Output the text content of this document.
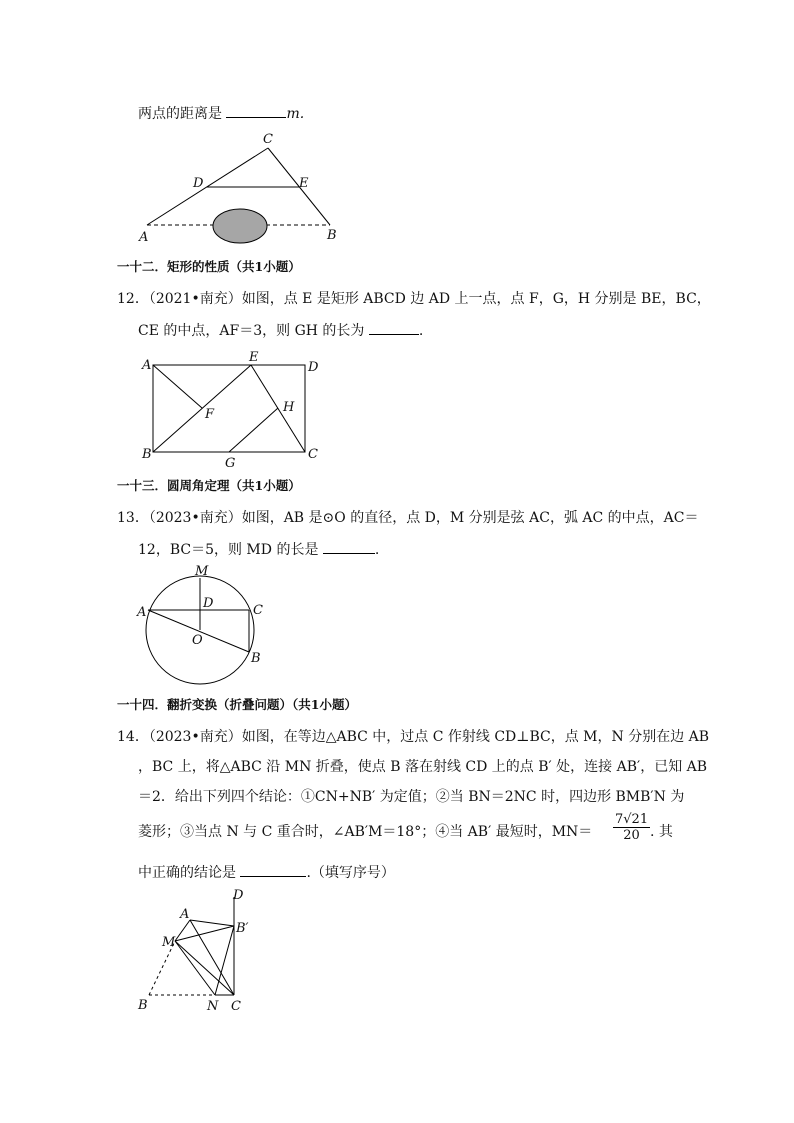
两点的距离是	m.
A	B
C
D	E
一十二．矩形的性质（共1小题）
12．（2021•南充）如图，点 E 是矩形 ABCD 边 AD 上一点，点 F，G，H 分别是 BE，BC，
CE 的中点，AF＝3，则 GH 的长为	.
A
B	C
D
E
F
G
H
一十三．圆周角定理（共1小题）
13．（2023•南充）如图，AB 是⊙O 的直径，点 D，M 分别是弦 AC，弧 AC 的中点，AC＝
12，BC＝5，则 MD 的长是	.
A
B
C
D
M
O
一十四．翻折变换（折叠问题）（共1小题）
14．（2023•南充）如图，在等边△ABC 中，过点 C 作射线 CD⊥BC，点 M，N 分别在边 AB
，BC 上，将△ABC 沿 MN 折叠，使点 B 落在射线 CD 上的点 B′ 处，连接 AB′，已知 AB
＝2．给出下列四个结论：①CN+NB′ 为定值；②当 BN＝2NC 时，四边形 BMB′N 为
菱形；③当点 N 与 C 重合时，∠AB′M＝18°；④当 AB′ 最短时，$MN= \frac{7√21}{20}$ . 其
中正确的结论是	.（填写序号）
A
B	C
D
M
N
B′
